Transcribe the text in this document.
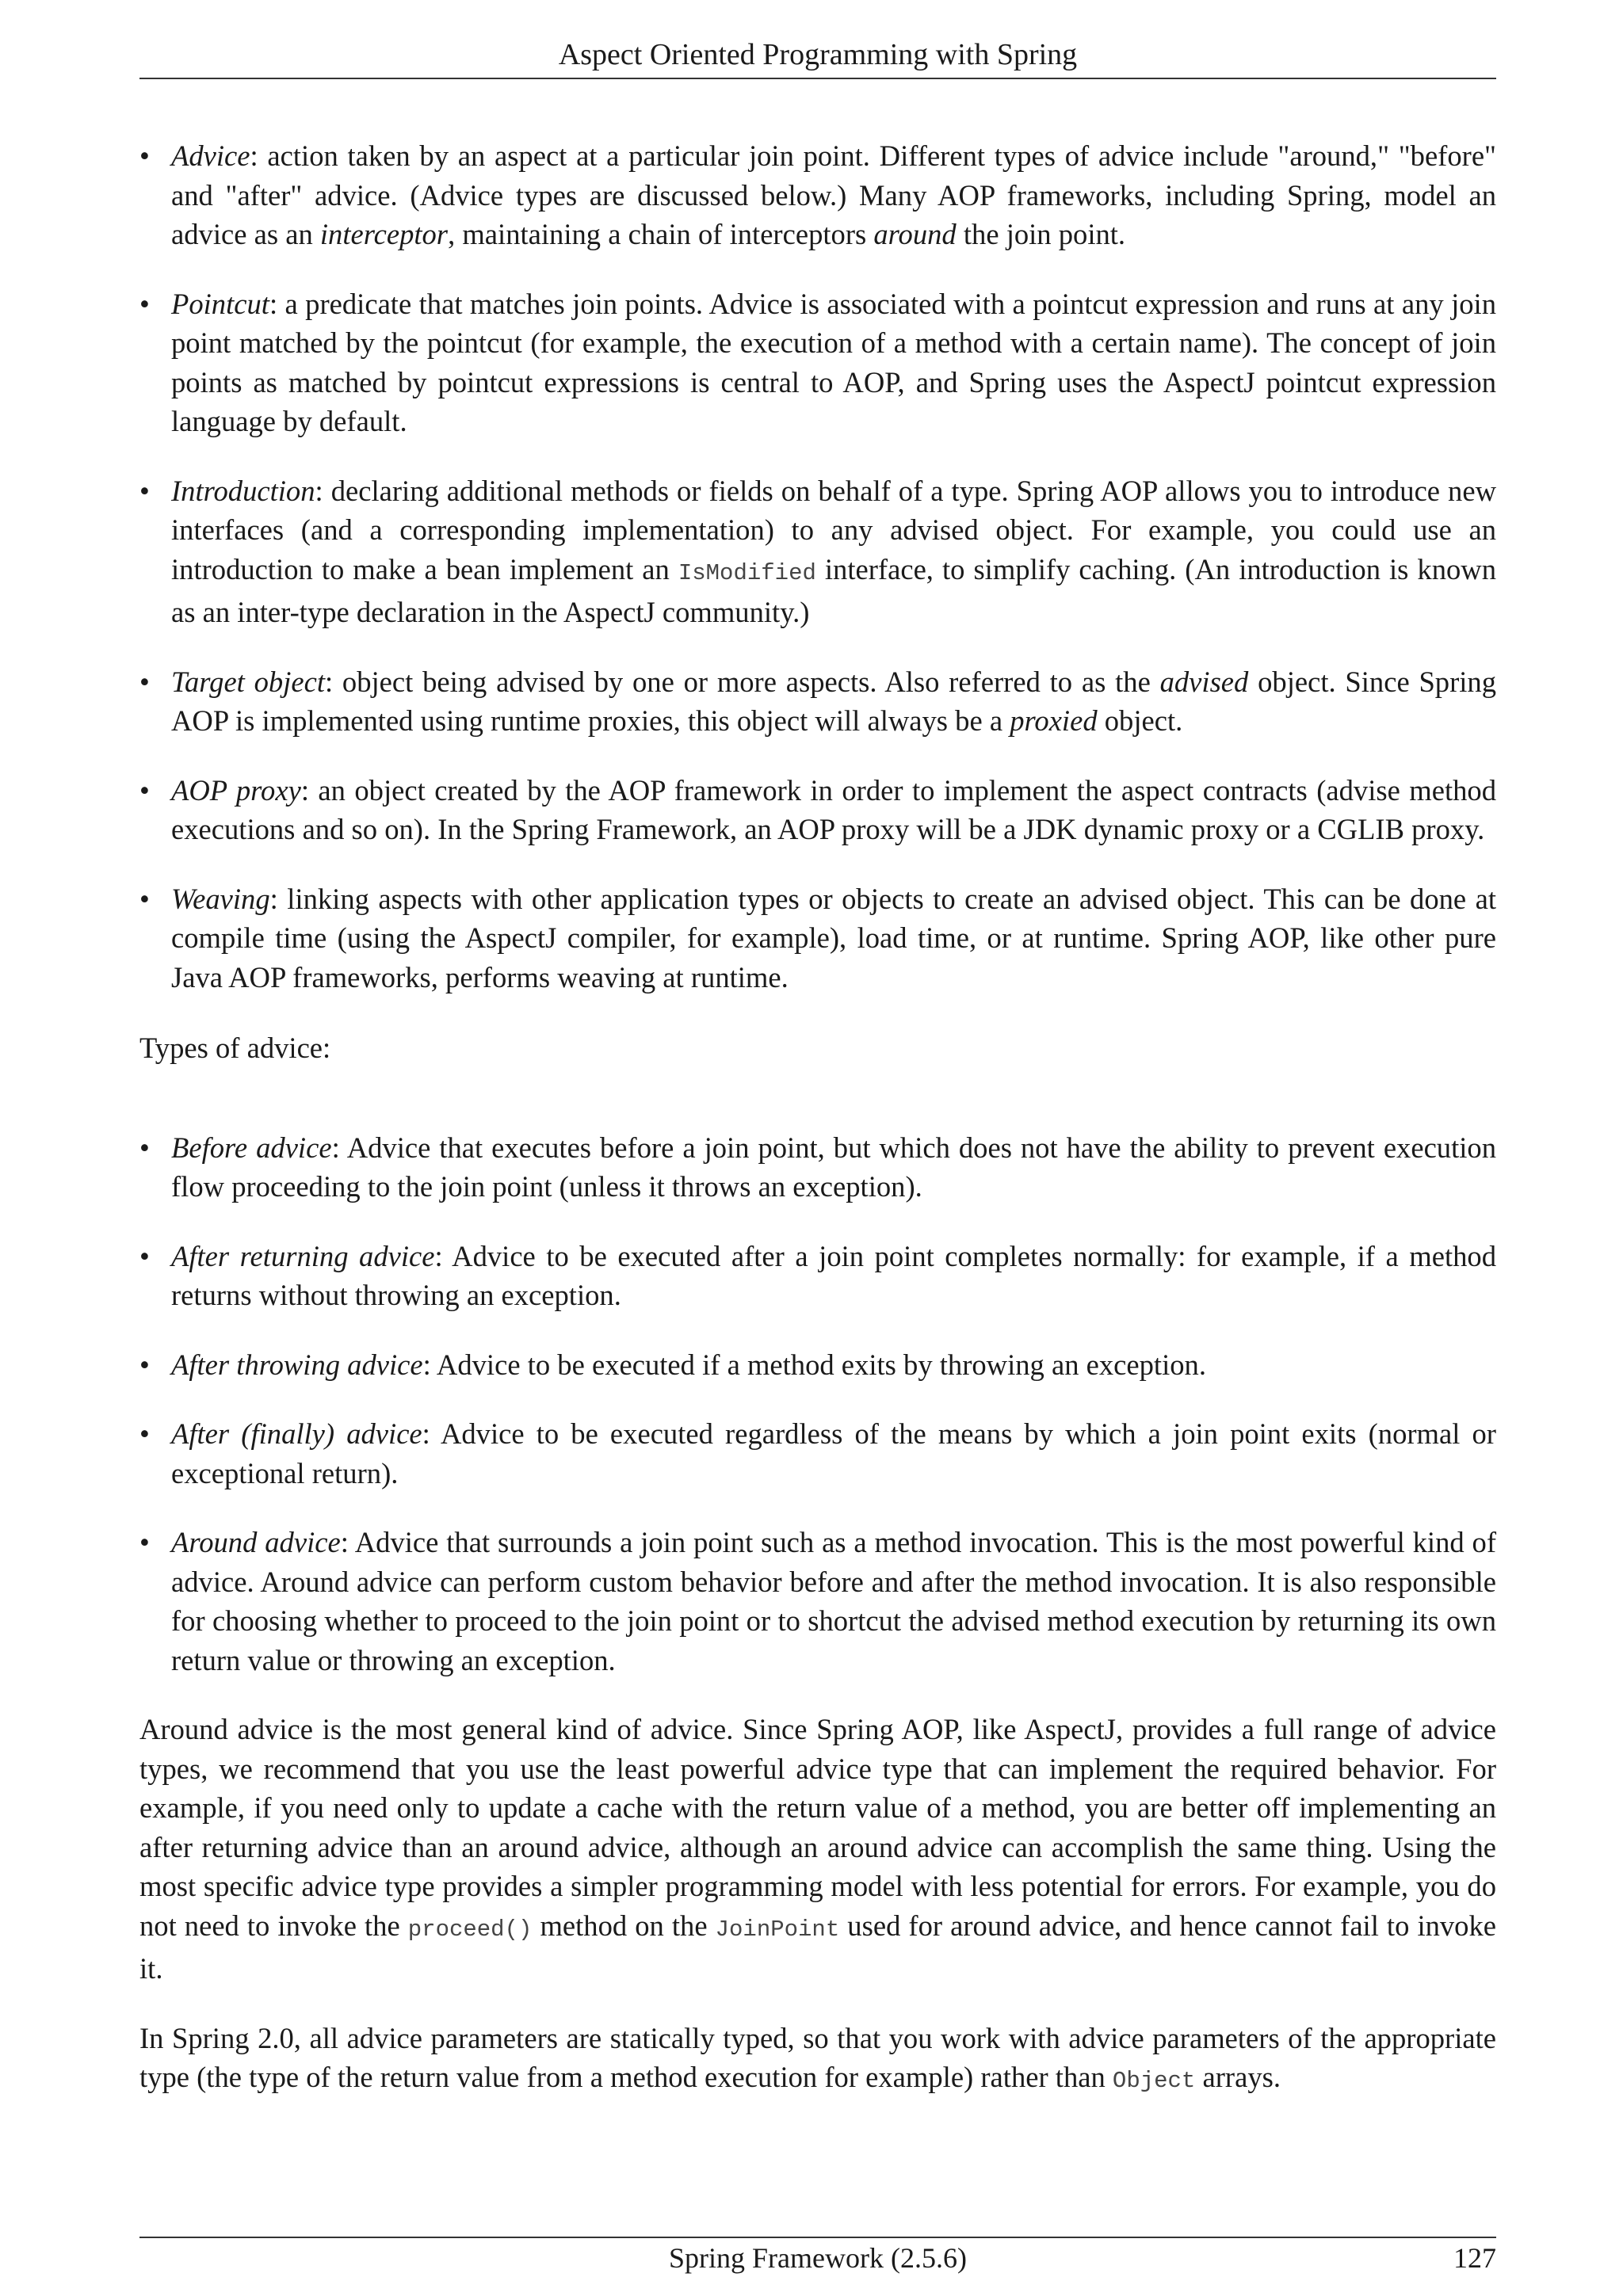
Aspect Oriented Programming with Spring
• Advice: action taken by an aspect at a particular join point. Different types of advice include "around," "before" and "after" advice. (Advice types are discussed below.) Many AOP frameworks, including Spring, model an advice as an interceptor, maintaining a chain of interceptors around the join point.
• Pointcut: a predicate that matches join points. Advice is associated with a pointcut expression and runs at any join point matched by the pointcut (for example, the execution of a method with a certain name). The concept of join points as matched by pointcut expressions is central to AOP, and Spring uses the AspectJ pointcut expression language by default.
• Introduction: declaring additional methods or fields on behalf of a type. Spring AOP allows you to introduce new interfaces (and a corresponding implementation) to any advised object. For example, you could use an introduction to make a bean implement an IsModified interface, to simplify caching. (An introduction is known as an inter-type declaration in the AspectJ community.)
• Target object: object being advised by one or more aspects. Also referred to as the advised object. Since Spring AOP is implemented using runtime proxies, this object will always be a proxied object.
• AOP proxy: an object created by the AOP framework in order to implement the aspect contracts (advise method executions and so on). In the Spring Framework, an AOP proxy will be a JDK dynamic proxy or a CGLIB proxy.
• Weaving: linking aspects with other application types or objects to create an advised object. This can be done at compile time (using the AspectJ compiler, for example), load time, or at runtime. Spring AOP, like other pure Java AOP frameworks, performs weaving at runtime.

Types of advice:

• Before advice: Advice that executes before a join point, but which does not have the ability to prevent execution flow proceeding to the join point (unless it throws an exception).
• After returning advice: Advice to be executed after a join point completes normally: for example, if a method returns without throwing an exception.
• After throwing advice: Advice to be executed if a method exits by throwing an exception.
• After (finally) advice: Advice to be executed regardless of the means by which a join point exits (normal or exceptional return).
• Around advice: Advice that surrounds a join point such as a method invocation. This is the most powerful kind of advice. Around advice can perform custom behavior before and after the method invocation. It is also responsible for choosing whether to proceed to the join point or to shortcut the advised method execution by returning its own return value or throwing an exception.

Around advice is the most general kind of advice. Since Spring AOP, like AspectJ, provides a full range of advice types, we recommend that you use the least powerful advice type that can implement the required behavior. For example, if you need only to update a cache with the return value of a method, you are better off implementing an after returning advice than an around advice, although an around advice can accomplish the same thing. Using the most specific advice type provides a simpler programming model with less potential for errors. For example, you do not need to invoke the proceed() method on the JoinPoint used for around advice, and hence cannot fail to invoke it.

In Spring 2.0, all advice parameters are statically typed, so that you work with advice parameters of the appropriate type (the type of the return value from a method execution for example) rather than Object arrays.

Spring Framework (2.5.6)	127
